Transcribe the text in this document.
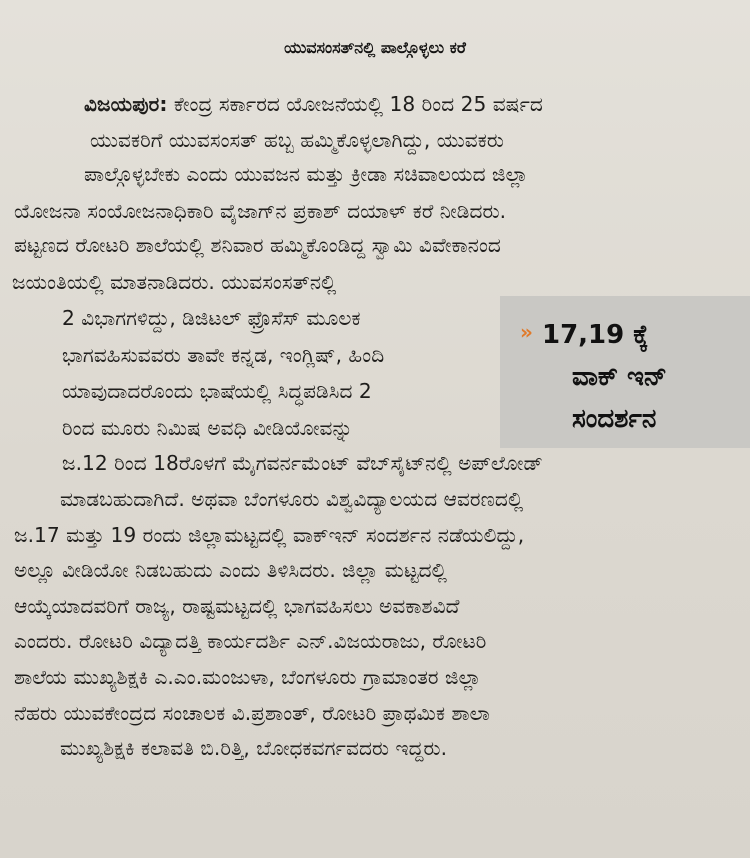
ಯುವಸಂಸತ್‌ನಲ್ಲಿ ಪಾಲ್ಗೊಳ್ಳಲು ಕರೆ
ವಿಜಯಪುರ: ಕೇಂದ್ರ ಸರ್ಕಾರದ ಯೋಜನೆಯಲ್ಲಿ 18 ರಿಂದ 25 ವರ್ಷದ
ಯುವಕರಿಗೆ ಯುವಸಂಸತ್ ಹಬ್ಬ ಹಮ್ಮಿಕೊಳ್ಳಲಾಗಿದ್ದು, ಯುವಕರು
ಪಾಲ್ಗೊಳ್ಳಬೇಕು ಎಂದು ಯುವಜನ ಮತ್ತು ಕ್ರೀಡಾ ಸಚಿವಾಲಯದ ಜಿಲ್ಲಾ
ಯೋಜನಾ ಸಂಯೋಜನಾಧಿಕಾರಿ ವೈಜಾಗ್‌ನ ಪ್ರಕಾಶ್ ದಯಾಳ್ ಕರೆ ನೀಡಿದರು.
ಪಟ್ಟಣದ ರೋಟರಿ ಶಾಲೆಯಲ್ಲಿ ಶನಿವಾರ ಹಮ್ಮಿಕೊಂಡಿದ್ದ ಸ್ವಾಮಿ ವಿವೇಕಾನಂದ
ಜಯಂತಿಯಲ್ಲಿ ಮಾತನಾಡಿದರು. ಯುವಸಂಸತ್‌ನಲ್ಲಿ
2 ವಿಭಾಗಗಳಿದ್ದು, ಡಿಜಿಟಲ್ ಫ್ರೊಸೆಸ್ ಮೂಲಕ
ಭಾಗವಹಿಸುವವರು ತಾವೇ ಕನ್ನಡ, ಇಂಗ್ಲಿಷ್, ಹಿಂದಿ
ಯಾವುದಾದರೊಂದು ಭಾಷೆಯಲ್ಲಿ ಸಿದ್ಧಪಡಿಸಿದ 2
ರಿಂದ ಮೂರು ನಿಮಿಷ ಅವಧಿ ವೀಡಿಯೋವನ್ನು
ಜ.12 ರಿಂದ 18ರೊಳಗೆ ಮೈಗವರ್ನಮೆಂಟ್ ವೆಬ್‌ಸೈಟ್‌ನಲ್ಲಿ ಅಪ್‌ಲೋಡ್
ಮಾಡಬಹುದಾಗಿದೆ. ಅಥವಾ ಬೆಂಗಳೂರು ವಿಶ್ವವಿದ್ಯಾಲಯದ ಆವರಣದಲ್ಲಿ
ಜ.17 ಮತ್ತು 19 ರಂದು ಜಿಲ್ಲಾಮಟ್ಟದಲ್ಲಿ ವಾಕ್‌ಇನ್ ಸಂದರ್ಶನ ನಡೆಯಲಿದ್ದು,
ಅಲ್ಲೂ ವೀಡಿಯೋ ನಿಡಬಹುದು ಎಂದು ತಿಳಿಸಿದರು. ಜಿಲ್ಲಾ ಮಟ್ಟದಲ್ಲಿ
ಆಯ್ಕೆಯಾದವರಿಗೆ ರಾಜ್ಯ, ರಾಷ್ಟಮಟ್ಟದಲ್ಲಿ ಭಾಗವಹಿಸಲು ಅವಕಾಶವಿದೆ
ಎಂದರು. ರೋಟರಿ ವಿದ್ಯಾದತ್ತಿ ಕಾರ್ಯದರ್ಶಿ ಎನ್.ವಿಜಯರಾಜು, ರೋಟರಿ
ಶಾಲೆಯ ಮುಖ್ಯಶಿಕ್ಷಕಿ ಎ.ಎಂ.ಮಂಜುಳಾ, ಬೆಂಗಳೂರು ಗ್ರಾಮಾಂತರ ಜಿಲ್ಲಾ
ನೆಹರು ಯುವಕೇಂದ್ರದ ಸಂಚಾಲಕ ವಿ.ಪ್ರಶಾಂತ್, ರೋಟರಿ ಪ್ರಾಥಮಿಕ ಶಾಲಾ
ಮುಖ್ಯಶಿಕ್ಷಕಿ ಕಲಾವತಿ ಬಿ.ರಿತ್ತಿ, ಬೋಧಕವರ್ಗವದರು ಇದ್ದರು.
» 17,19 ಕ್ಕೆ
ವಾಕ್ ಇನ್
ಸಂದರ್ಶನ
